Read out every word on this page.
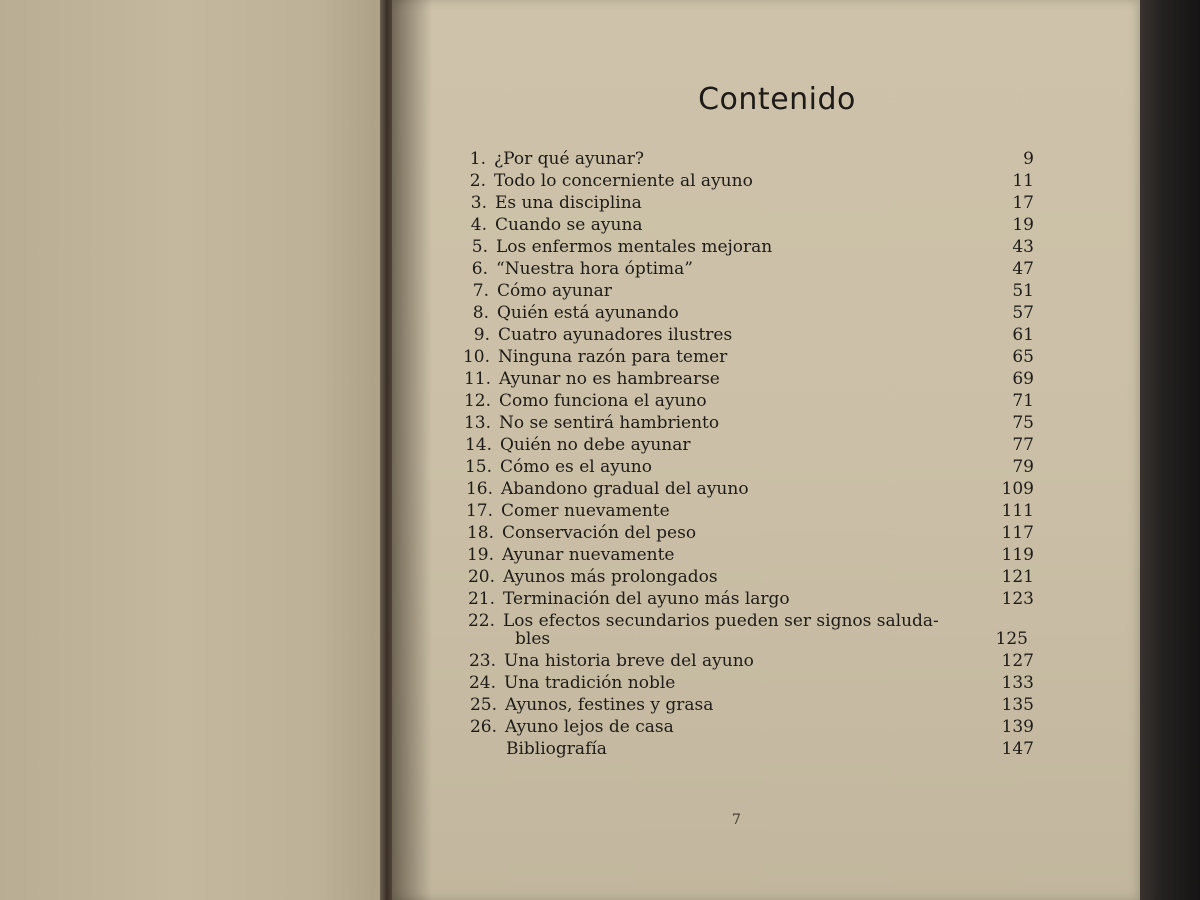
Contenido
1. ¿Por qué ayunar?	9
2. Todo lo concerniente al ayuno	11
3. Es una disciplina	17
4. Cuando se ayuna	19
5. Los enfermos mentales mejoran	43
6. “Nuestra hora óptima”	47
7. Cómo ayunar	51
8. Quién está ayunando	57
9. Cuatro ayunadores ilustres	61
10. Ninguna razón para temer	65
11. Ayunar no es hambrearse	69
12. Como funciona el ayuno	71
13. No se sentirá hambriento	75
14. Quién no debe ayunar	77
15. Cómo es el ayuno	79
16. Abandono gradual del ayuno	109
17. Comer nuevamente	111
18. Conservación del peso	117
19. Ayunar nuevamente	119
20. Ayunos más prolongados	121
21. Terminación del ayuno más largo	123
22. Los efectos secundarios pueden ser signos saluda-
bles	125
23. Una historia breve del ayuno	127
24. Una tradición noble	133
25. Ayunos, festines y grasa	135
26. Ayuno lejos de casa	139
Bibliografía	147
7
